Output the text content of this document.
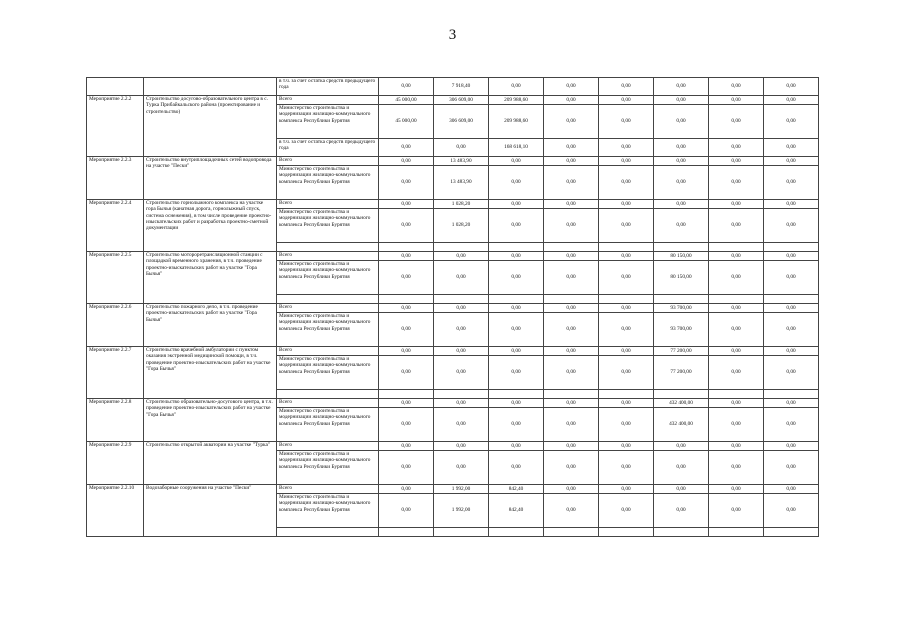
3
		в т.ч. за счет остатка средств предыдущего года	0,00	7 918,40	0,00	0,00	0,00	0,00	0,00	0,00
Мероприятие 2.2.2	Строительство досугово-образовательного центра в с. Турка Прибайкальского района (проектирование и строительство)	Всего	45 000,00	306 609,00	209 988,60	0,00	0,00	0,00	0,00	0,00
		Министерство строительства и модернизации жилищно-коммунального комплекса Республики Бурятия	45 000,00	306 609,00	209 988,60	0,00	0,00	0,00	0,00	0,00
		в т.ч. за счет остатка средств предыдущего года	0,00	0,00	168 618,10	0,00	0,00	0,00	0,00	0,00
Мероприятие 2.2.3	Строительство внутриплощадочных сетей водопровода на участке "Пески"	Всего	0,00	13 483,90	0,00	0,00	0,00	0,00	0,00	0,00
		Министерство строительства и модернизации жилищно-коммунального комплекса Республики Бурятия	0,00	13 483,90	0,00	0,00	0,00	0,00	0,00	0,00
Мероприятие 2.2.4	Строительство горнолыжного комплекса на участке гора Бычья (канатная дорога, горнолыжный спуск, система оснежения), в том числе проведение проектно-изыскательских работ и разработка проектно-сметной документации	Всего	0,00	1 028,20	0,00	0,00	0,00	0,00	0,00	0,00
		Министерство строительства и модернизации жилищно-коммунального комплекса Республики Бурятия	0,00	1 028,20	0,00	0,00	0,00	0,00	0,00	0,00

Мероприятие 2.2.5	Строительство мотороретрансляционной станции с площадкой временного хранения, в т.ч. проведение проектно-изыскательских работ на участке "Гора Бычья"	Всего	0,00	0,00	0,00	0,00	0,00	80 150,00	0,00	0,00
		Министерство строительства и модернизации жилищно-коммунального комплекса Республики Бурятия	0,00	0,00	0,00	0,00	0,00	80 150,00	0,00	0,00

Мероприятие 2.2.6	Строительство пожарного депо, в т.ч. проведение проектно-изыскательских работ на участке "Гора Бычья"	Всего	0,00	0,00	0,00	0,00	0,00	93 700,00	0,00	0,00
		Министерство строительства и модернизации жилищно-коммунального комплекса Республики Бурятия	0,00	0,00	0,00	0,00	0,00	93 700,00	0,00	0,00
Мероприятие 2.2.7	Строительство врачебной амбулатории с пунктом оказания экстренной медицинской помощи, в т.ч. проведение проектно-изыскательских работ на участке "Гора Бычья"	Всего	0,00	0,00	0,00	0,00	0,00	77 200,00	0,00	0,00
		Министерство строительства и модернизации жилищно-коммунального комплекса Республики Бурятия	0,00	0,00	0,00	0,00	0,00	77 200,00	0,00	0,00

Мероприятие 2.2.8	Строительство образовательно-досугового центра, в т.ч. проведение проектно-изыскательских работ на участке "Гора Бычья"	Всего	0,00	0,00	0,00	0,00	0,00	432 400,00	0,00	0,00
		Министерство строительства и модернизации жилищно-коммунального комплекса Республики Бурятия	0,00	0,00	0,00	0,00	0,00	432 400,00	0,00	0,00
Мероприятие 2.2.9	Строительство открытой акватории на участке "Турка"	Всего	0,00	0,00	0,00	0,00	0,00	0,00	0,00	0,00
		Министерство строительства и модернизации жилищно-коммунального комплекса Республики Бурятия	0,00	0,00	0,00	0,00	0,00	0,00	0,00	0,00
Мероприятие 2.2.10	Водозаборные сооружения на участке "Пески"	Всего	0,00	1 992,00	842,40	0,00	0,00	0,00	0,00	0,00
		Министерство строительства и модернизации жилищно-коммунального комплекса Республики Бурятия	0,00	1 992,00	842,40	0,00	0,00	0,00	0,00	0,00
